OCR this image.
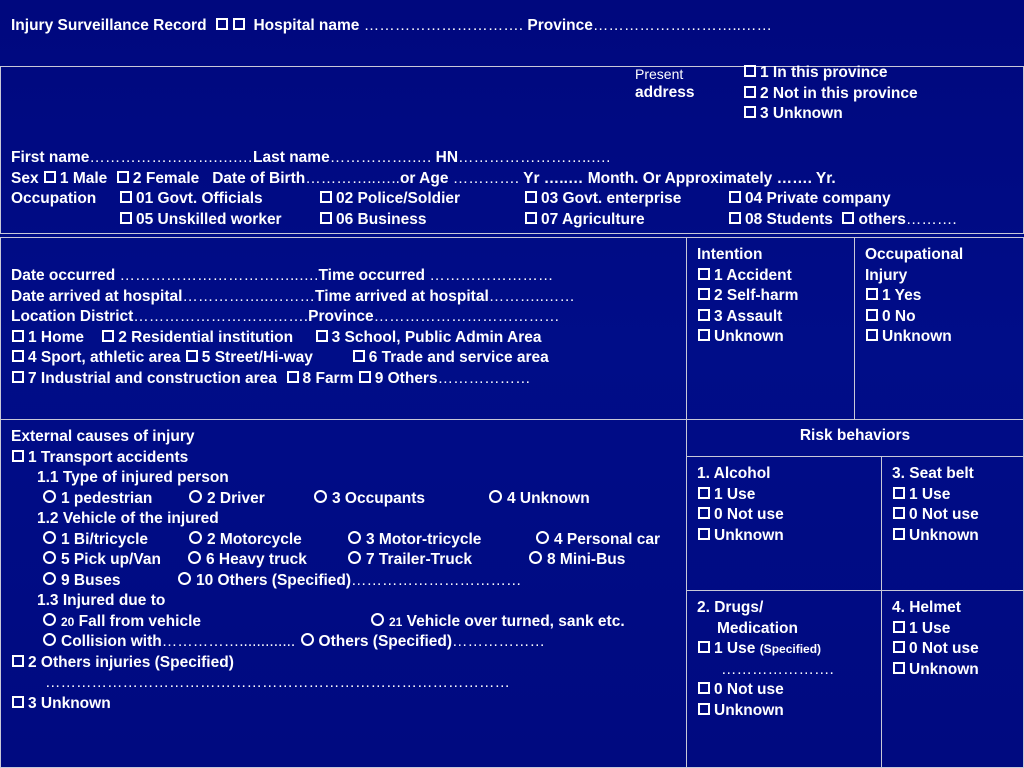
Injury Surveillance Record	Hospital name …………………………. Province………………………..……
Present
address
1 In this province
2 Not in this province
3 Unknown
First name…………………….….…Last name…………….…. HN……………………..….
Sex 1 Male 2 Female Date of Birth…………..…..or Age …………. Yr …..… Month. Or Approximately ……. Yr.
Occupation	01 Govt. Officials	02 Police/Soldier	03 Govt. enterprise	04 Private company

05 Unskilled worker	06 Business	07 Agriculture	08 Students others……….
Date occurred ……………………………..….Time occurred ……………………
Date arrived at hospital……………..………Time arrived at hospital………..……
Location District…………………………….Province………………………………
1 Home 2 Residential institution 3 School, Public Admin Area
4 Sport, athletic area 5 Street/Hi-way	6 Trade and service area
7 Industrial and construction area 8 Farm 9 Others………………
Intention
1 Accident
2 Self-harm
3 Assault
Unknown
Occupational
Injury
1 Yes
0 No
Unknown
External causes of injury
1 Transport accidents
1.1 Type of injured person
1 pedestrian	2 Driver	3 Occupants	4 Unknown
1.2 Vehicle of the injured
1 Bi/tricycle	2 Motorcycle	3 Motor-tricycle	4 Personal car
5 Pick up/Van	6 Heavy truck	7 Trailer-Truck	8 Mini-Bus
9 Buses	10 Others (Specified)……………………………
1.3 Injured due to
20 Fall from vehicle	21 Vehicle over turned, sank etc.
Collision with……………............. Others (Specified)………………
2 Others injuries (Specified)
………………………………………………………………………………
3 Unknown
Risk behaviors
1. Alcohol
1 Use
0 Not use
Unknown
3. Seat belt
1 Use
0 Not use
Unknown
2. Drugs/
Medication
1 Use (Specified)
………………….
0 Not use
Unknown
4. Helmet
1 Use
0 Not use
Unknown
